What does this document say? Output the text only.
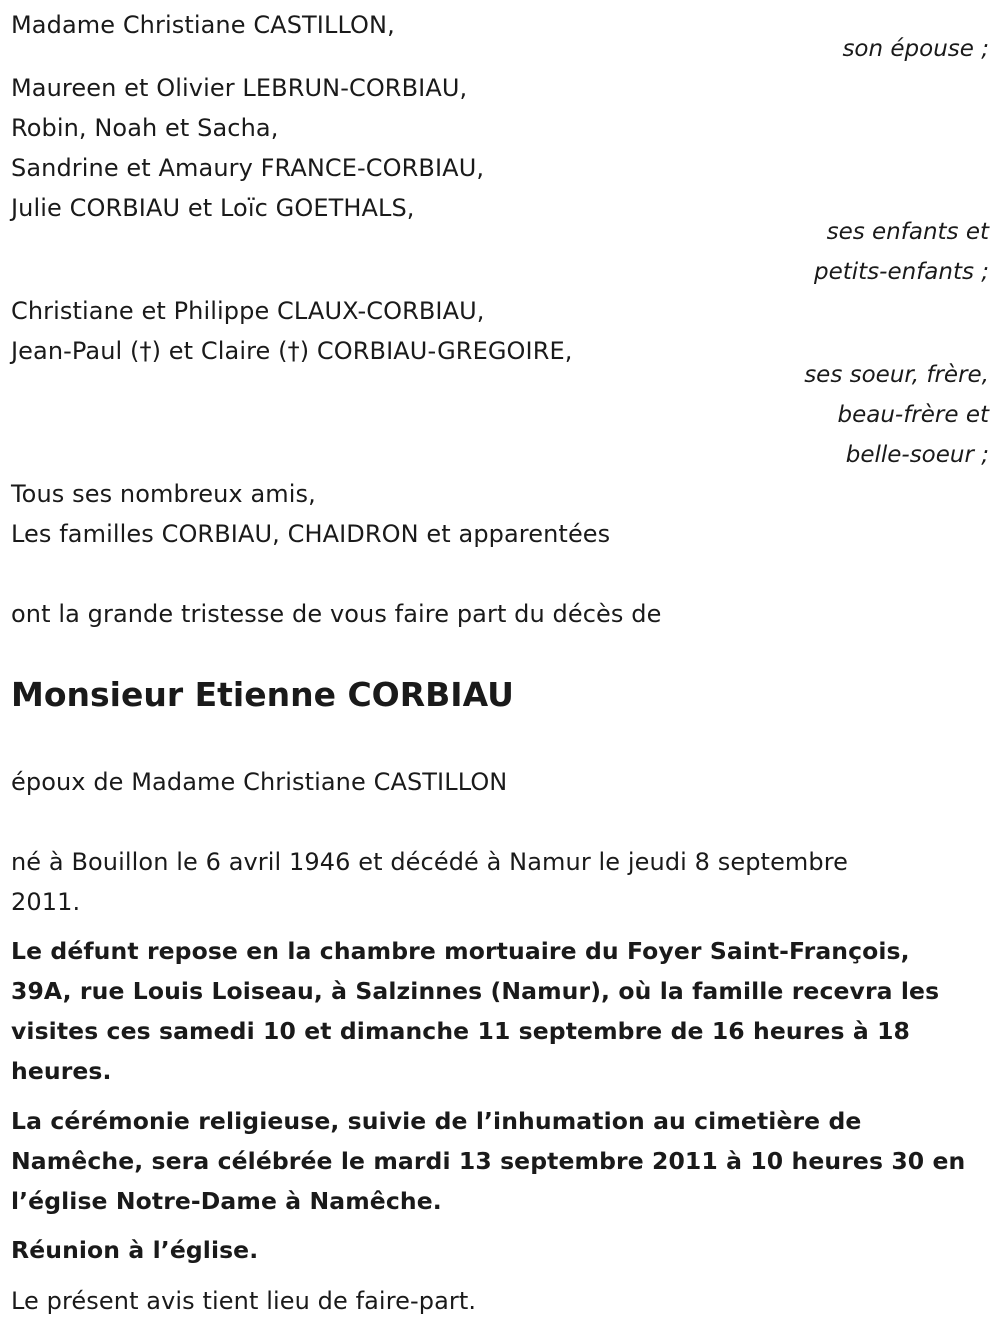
Madame Christiane CASTILLON,
son épouse ;
Maureen et Olivier LEBRUN-CORBIAU,
Robin, Noah et Sacha,
Sandrine et Amaury FRANCE-CORBIAU,
Julie CORBIAU et Loïc GOETHALS,
ses enfants et
petits-enfants ;
Christiane et Philippe CLAUX-CORBIAU,
Jean-Paul (†) et Claire (†) CORBIAU-GREGOIRE,
ses soeur, frère,
beau-frère et
belle-soeur ;
Tous ses nombreux amis,
Les familles CORBIAU, CHAIDRON et apparentées
ont la grande tristesse de vous faire part du décès de
Monsieur Etienne CORBIAU
époux de Madame Christiane CASTILLON
né à Bouillon le 6 avril 1946 et décédé à Namur le jeudi 8 septembre
2011.
Le défunt repose en la chambre mortuaire du Foyer Saint-François,
39A, rue Louis Loiseau, à Salzinnes (Namur), où la famille recevra les
visites ces samedi 10 et dimanche 11 septembre de 16 heures à 18
heures.
La cérémonie religieuse, suivie de l’inhumation au cimetière de
Namêche, sera célébrée le mardi 13 septembre 2011 à 10 heures 30 en
l’église Notre-Dame à Namêche.
Réunion à l’église.
Le présent avis tient lieu de faire-part.
